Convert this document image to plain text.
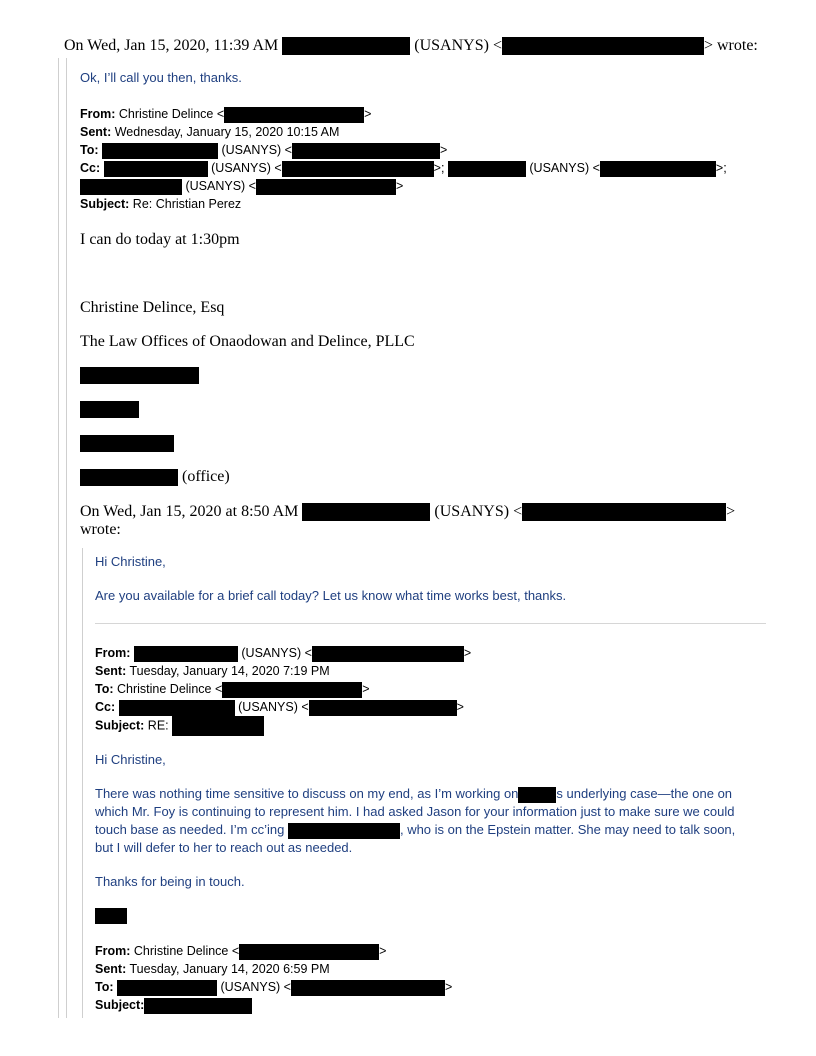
On Wed, Jan 15, 2020, 11:39 AM	(USANYS) <	> wrote:
Ok, I’ll call you then, thanks.
From: Christine Delince <	>
Sent: Wednesday, January 15, 2020 10:15 AM
To:	(USANYS) <	>
Cc:	(USANYS) <	>;	(USANYS) <	>;
(USANYS) <	>
Subject: Re: Christian Perez
I can do today at 1:30pm
Christine Delince, Esq
The Law Offices of Onaodowan and Delince, PLLC
(office)
On Wed, Jan 15, 2020 at 8:50 AM	(USANYS) <	>
wrote:
Hi Christine,
Are you available for a brief call today? Let us know what time works best, thanks.
From:	(USANYS) <	>
Sent: Tuesday, January 14, 2020 7:19 PM
To: Christine Delince <	>
Cc:	(USANYS) <	>
Subject: RE:
Hi Christine,
There was nothing time sensitive to discuss on my end, as I’m working on	s underlying case—the one on
which Mr. Foy is continuing to represent him. I had asked Jason for your information just to make sure we could
touch base as needed. I’m cc’ing	, who is on the Epstein matter. She may need to talk soon,
but I will defer to her to reach out as needed.
Thanks for being in touch.
From: Christine Delince <	>
Sent: Tuesday, January 14, 2020 6:59 PM
To:	(USANYS) <	>
Subject:
